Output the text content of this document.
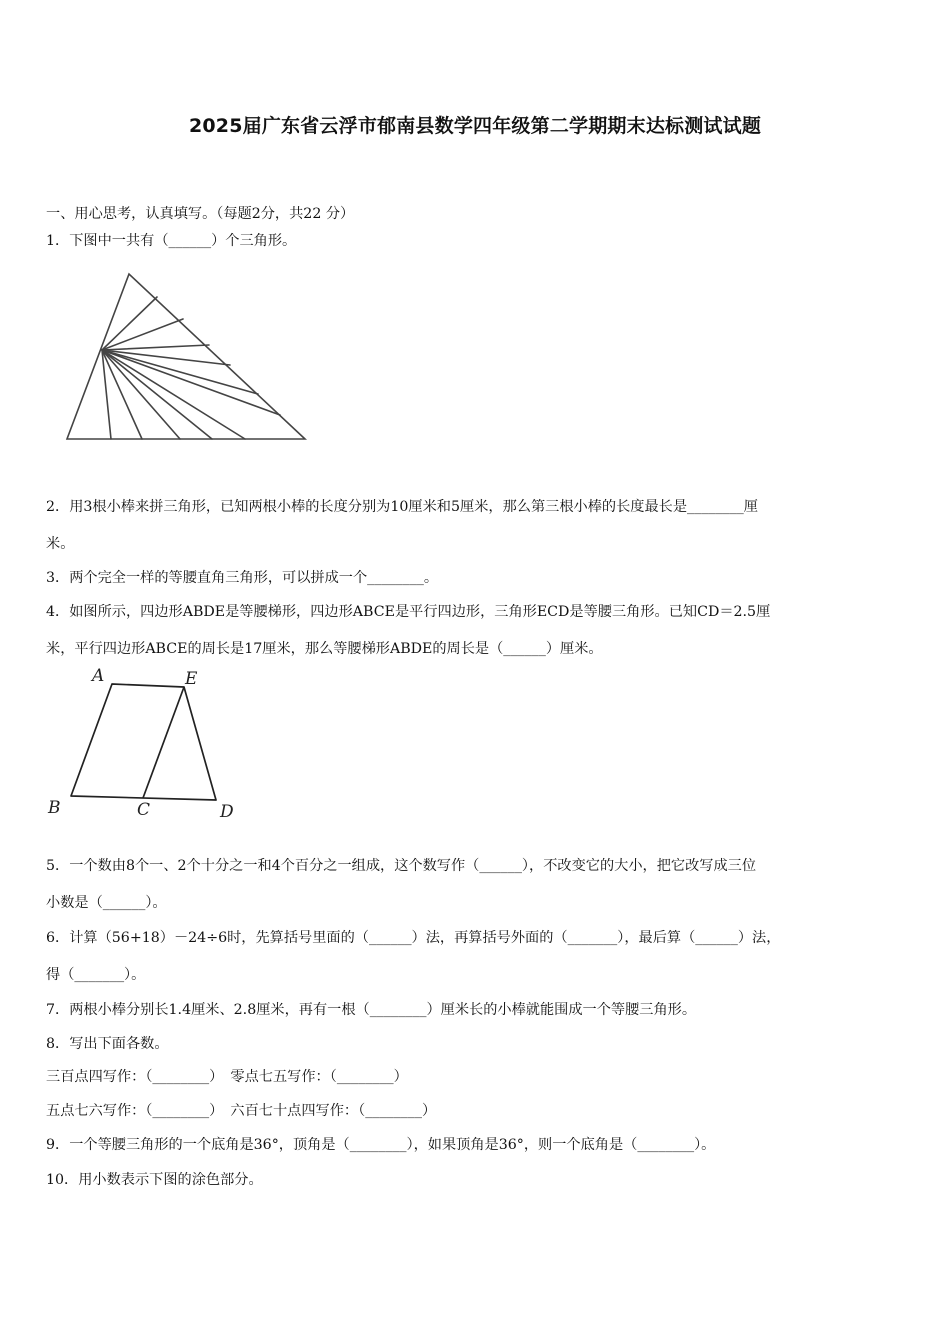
2025届广东省云浮市郁南县数学四年级第二学期期末达标测试试题
一、用心思考，认真填写。（每题2分，共22 分）
1．下图中一共有（______）个三角形。
2．用3根小棒来拼三角形，已知两根小棒的长度分别为10厘米和5厘米，那么第三根小棒的长度最长是________厘
米。
3．两个完全一样的等腰直角三角形，可以拼成一个________。
4．如图所示，四边形ABDE是等腰梯形，四边形ABCE是平行四边形，三角形ECD是等腰三角形。已知CD＝2.5厘
米，平行四边形ABCE的周长是17厘米，那么等腰梯形ABDE的周长是（______）厘米。
A	E
B	C	D
5．一个数由8个一、2个十分之一和4个百分之一组成，这个数写作（______），不改变它的大小，把它改写成三位
小数是（______）。
6．计算（56+18）－24÷6时，先算括号里面的（______）法，再算括号外面的（_______），最后算（______）法，
得（_______）。
7．两根小棒分别长1.4厘米、2.8厘米，再有一根（________）厘米长的小棒就能围成一个等腰三角形。
8．写出下面各数。
三百点四写作：（________）　零点七五写作：（________）
五点七六写作：（________）　六百七十点四写作：（________）
9．一个等腰三角形的一个底角是36°，顶角是（________），如果顶角是36°，则一个底角是（________）。
10．用小数表示下图的涂色部分。
